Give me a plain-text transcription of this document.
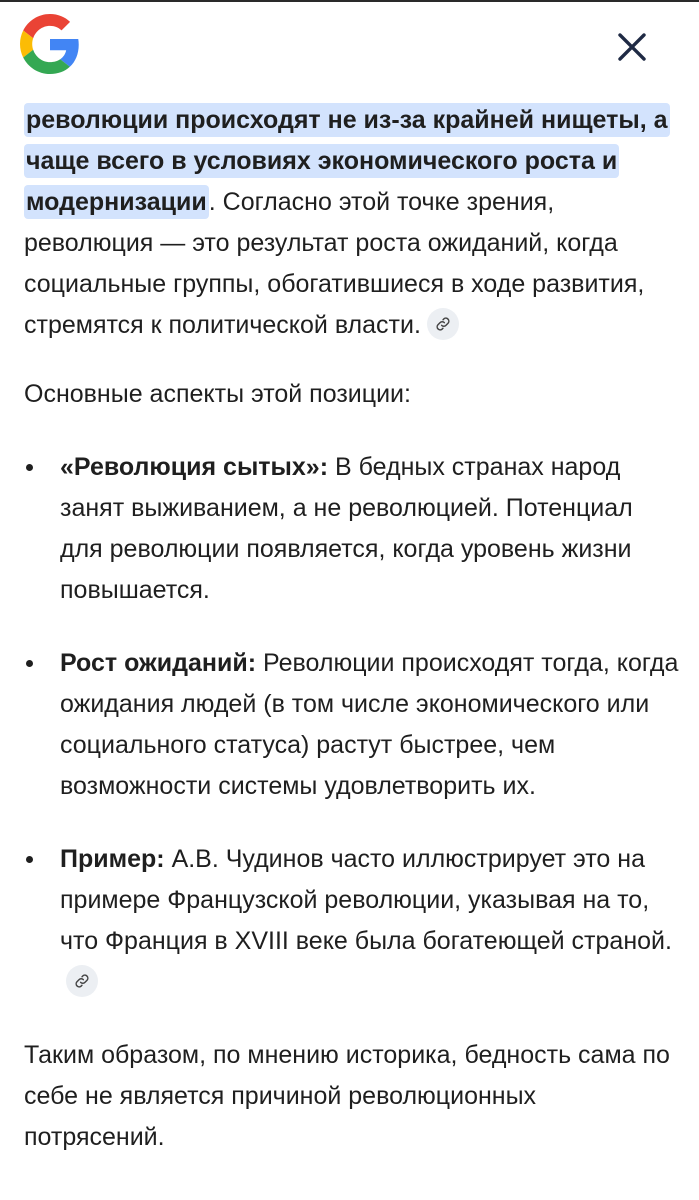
революции происходят не из-за крайней нищеты, а чаще всего в условиях экономического роста и модернизации. Согласно этой точке зрения, революция — это результат роста ожиданий, когда социальные группы, обогатившиеся в ходе развития, стремятся к политической власти.

Основные аспекты этой позиции:

«Революция сытых»: В бедных странах народ занят выживанием, а не революцией. Потенциал для революции появляется, когда уровень жизни повышается.
Рост ожиданий: Революции происходят тогда, когда ожидания людей (в том числе экономического или социального статуса) растут быстрее, чем возможности системы удовлетворить их.
Пример: А.В. Чудинов часто иллюстрирует это на примере Французской революции, указывая на то, что Франция в XVIII веке была богатеющей страной.

Таким образом, по мнению историка, бедность сама по себе не является причиной революционных потрясений.
